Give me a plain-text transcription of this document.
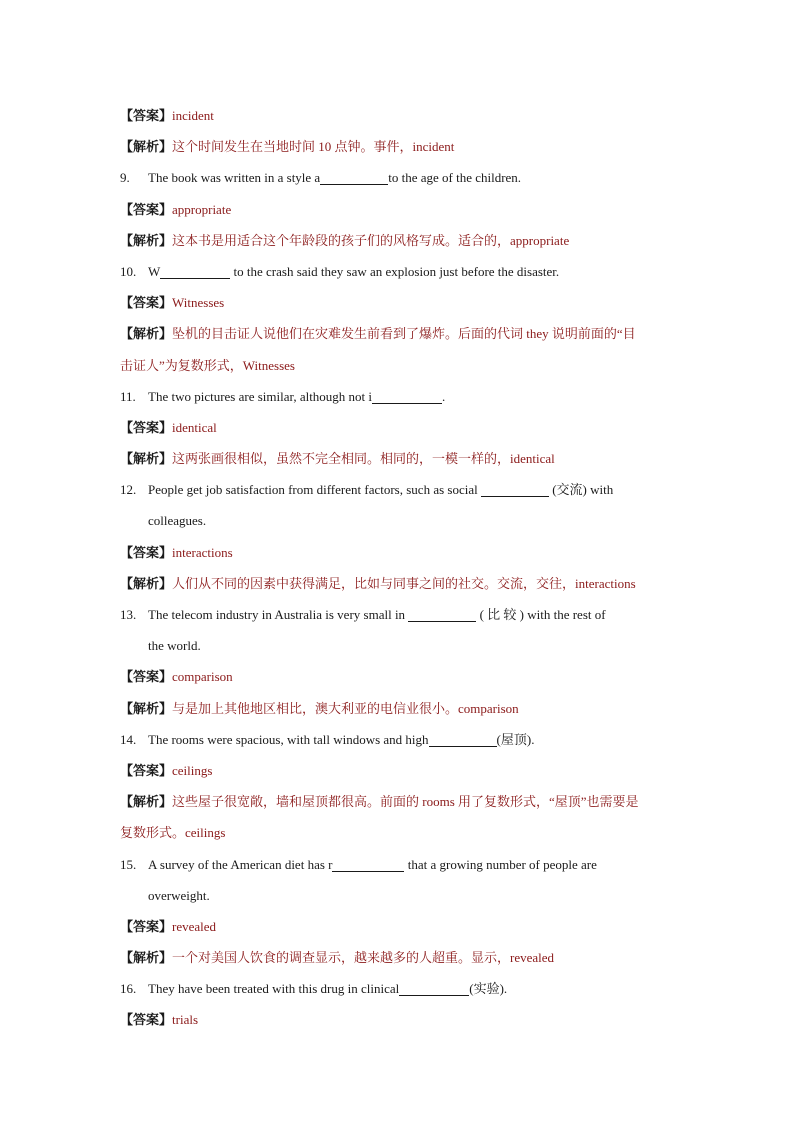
【答案】incident
【解析】这个时间发生在当地时间 10 点钟。事件，incident
9.	The book was written in a style a	to the age of the children.
【答案】appropriate
【解析】这本书是用适合这个年龄段的孩子们的风格写成。适合的，appropriate
10. W	to the crash said they saw an explosion just before the disaster.
【答案】Witnesses
【解析】坠机的目击证人说他们在灾难发生前看到了爆炸。后面的代词 they 说明前面的“目
击证人”为复数形式，Witnesses
11. The two pictures are similar, although not i	.
【答案】identical
【解析】这两张画很相似，虽然不完全相同。相同的，一模一样的，identical
12. People get job satisfaction from different factors, such as social	(交流) with
colleagues.
【答案】interactions
【解析】人们从不同的因素中获得满足，比如与同事之间的社交。交流，交往，interactions
13. The telecom industry in Australia is very small in	( 比 较 ) with the rest of
the world.
【答案】comparison
【解析】与是加上其他地区相比，澳大利亚的电信业很小。comparison
14. The rooms were spacious, with tall windows and high	(屋顶).
【答案】ceilings
【解析】这些屋子很宽敞，墙和屋顶都很高。前面的 rooms 用了复数形式，“屋顶”也需要是
复数形式。ceilings
15. A survey of the American diet has r	that a growing number of people are
overweight.
【答案】revealed
【解析】一个对美国人饮食的调查显示，越来越多的人超重。显示，revealed
16. They have been treated with this drug in clinical	(实验).
【答案】trials
